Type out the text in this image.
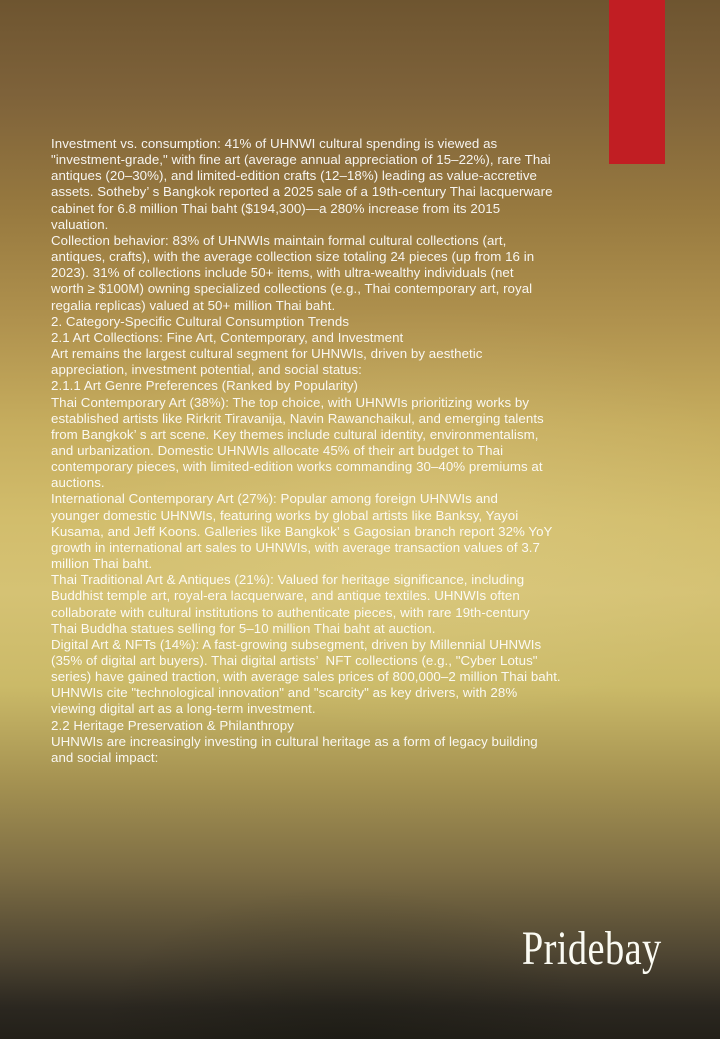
Investment vs. consumption: 41% of UHNWI cultural spending is viewed as
"investment-grade," with fine art (average annual appreciation of 15–22%), rare Thai
antiques (20–30%), and limited-edition crafts (12–18%) leading as value-accretive
assets. Sotheby’ s Bangkok reported a 2025 sale of a 19th-century Thai lacquerware
cabinet for 6.8 million Thai baht ($194,300)—a 280% increase from its 2015
valuation.
Collection behavior: 83% of UHNWIs maintain formal cultural collections (art,
antiques, crafts), with the average collection size totaling 24 pieces (up from 16 in
2023). 31% of collections include 50+ items, with ultra-wealthy individuals (net
worth ≥ $100M) owning specialized collections (e.g., Thai contemporary art, royal
regalia replicas) valued at 50+ million Thai baht.
2. Category-Specific Cultural Consumption Trends
2.1 Art Collections: Fine Art, Contemporary, and Investment
Art remains the largest cultural segment for UHNWIs, driven by aesthetic
appreciation, investment potential, and social status:
2.1.1 Art Genre Preferences (Ranked by Popularity)
Thai Contemporary Art (38%): The top choice, with UHNWIs prioritizing works by
established artists like Rirkrit Tiravanija, Navin Rawanchaikul, and emerging talents
from Bangkok’ s art scene. Key themes include cultural identity, environmentalism,
and urbanization. Domestic UHNWIs allocate 45% of their art budget to Thai
contemporary pieces, with limited-edition works commanding 30–40% premiums at
auctions.
International Contemporary Art (27%): Popular among foreign UHNWIs and
younger domestic UHNWIs, featuring works by global artists like Banksy, Yayoi
Kusama, and Jeff Koons. Galleries like Bangkok’ s Gagosian branch report 32% YoY
growth in international art sales to UHNWIs, with average transaction values of 3.7
million Thai baht.
Thai Traditional Art & Antiques (21%): Valued for heritage significance, including
Buddhist temple art, royal-era lacquerware, and antique textiles. UHNWIs often
collaborate with cultural institutions to authenticate pieces, with rare 19th-century
Thai Buddha statues selling for 5–10 million Thai baht at auction.
Digital Art & NFTs (14%): A fast-growing subsegment, driven by Millennial UHNWIs
(35% of digital art buyers). Thai digital artists’  NFT collections (e.g., "Cyber Lotus"
series) have gained traction, with average sales prices of 800,000–2 million Thai baht.
UHNWIs cite "technological innovation" and "scarcity" as key drivers, with 28%
viewing digital art as a long-term investment.
2.2 Heritage Preservation & Philanthropy
UHNWIs are increasingly investing in cultural heritage as a form of legacy building
and social impact:
Pridebay
